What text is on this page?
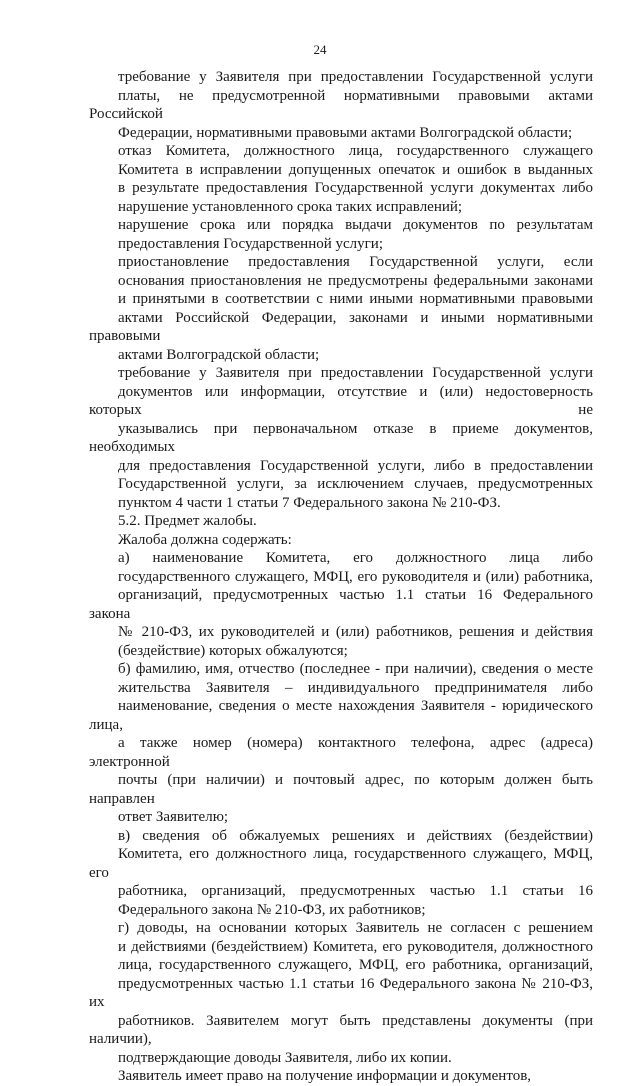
24

требование у Заявителя при предоставлении Государственной услуги
платы, не предусмотренной нормативными правовыми актами Российской
Федерации, нормативными правовыми актами Волгоградской области;

отказ Комитета, должностного лица, государственного служащего
Комитета в исправлении допущенных опечаток и ошибок в выданных
в результате предоставления Государственной услуги документах либо
нарушение установленного срока таких исправлений;

нарушение срока или порядка выдачи документов по результатам
предоставления Государственной услуги;

приостановление предоставления Государственной услуги, если
основания приостановления не предусмотрены федеральными законами
и принятыми в соответствии с ними иными нормативными правовыми
актами Российской Федерации, законами и иными нормативными правовыми
актами Волгоградской области;

требование у Заявителя при предоставлении Государственной услуги
документов или информации, отсутствие и (или) недостоверность которых не
указывались при первоначальном отказе в приеме документов, необходимых
для предоставления Государственной услуги, либо в предоставлении
Государственной услуги, за исключением случаев, предусмотренных
пунктом 4 части 1 статьи 7 Федерального закона № 210-ФЗ.

5.2. Предмет жалобы.

Жалоба должна содержать:

а) наименование Комитета, его должностного лица либо
государственного служащего, МФЦ, его руководителя и (или) работника,
организаций, предусмотренных частью 1.1 статьи 16 Федерального закона
№ 210-ФЗ, их руководителей и (или) работников, решения и действия
(бездействие) которых обжалуются;

б) фамилию, имя, отчество (последнее - при наличии), сведения о месте
жительства Заявителя – индивидуального предпринимателя либо
наименование, сведения о месте нахождения Заявителя - юридического лица,
а также номер (номера) контактного телефона, адрес (адреса) электронной
почты (при наличии) и почтовый адрес, по которым должен быть направлен
ответ Заявителю;

в) сведения об обжалуемых решениях и действиях (бездействии)
Комитета, его должностного лица, государственного служащего, МФЦ, его
работника, организаций, предусмотренных частью 1.1 статьи 16
Федерального закона № 210-ФЗ, их работников;

г) доводы, на основании которых Заявитель не согласен с решением
и действиями (бездействием) Комитета, его руководителя, должностного
лица, государственного служащего, МФЦ, его работника, организаций,
предусмотренных частью 1.1 статьи 16 Федерального закона № 210-ФЗ, их
работников. Заявителем могут быть представлены документы (при наличии),
подтверждающие доводы Заявителя, либо их копии.

Заявитель имеет право на получение информации и документов,
